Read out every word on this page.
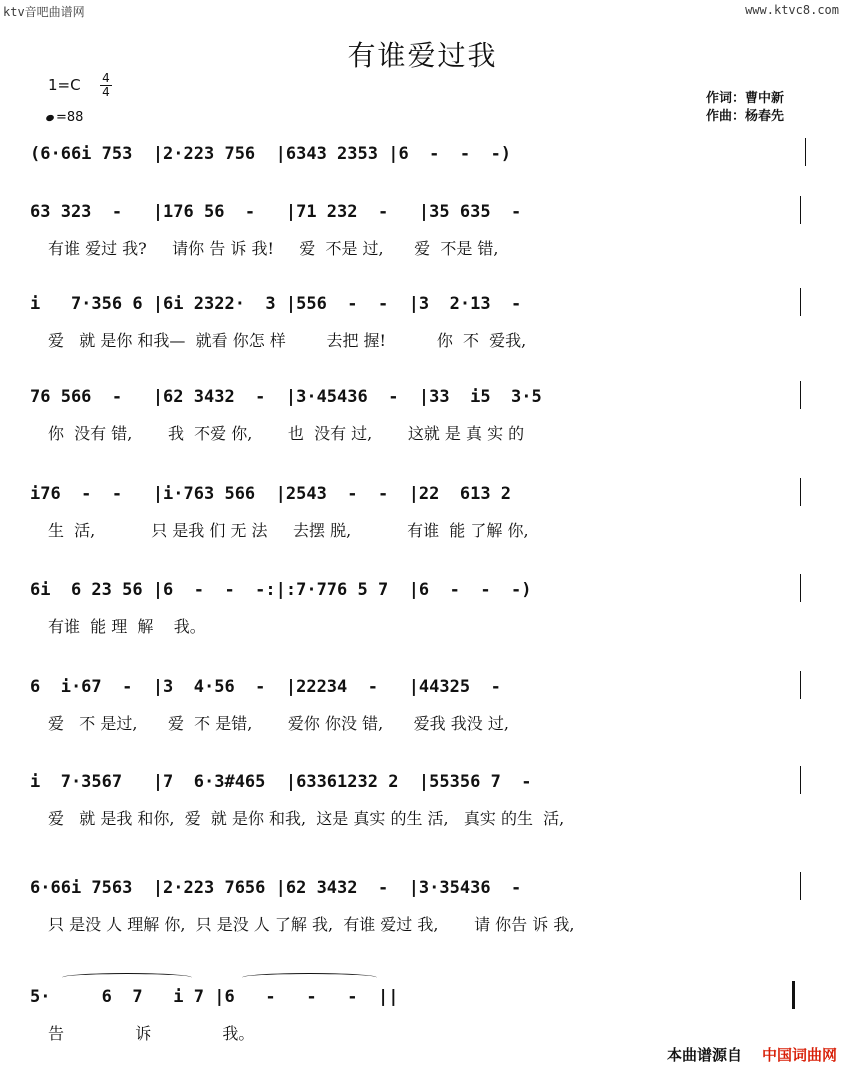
ktv音吧曲谱网	www.ktvc8.com
有谁爱过我
1=C 4
4
=88
作词：曹中新
作曲：杨春先
(6·66i 753  |2·223 756  |6343 2353 |6  -  -  -)
63 323  -   |176 56  -   |71 232  -   |35 635  -
有谁 爱过 我?     请你 告 诉 我!     爱  不是 过,      爱  不是 错,
i   7·356 6 |6i 2322·  3 |556  -  -  |3  2·13  -
爱   就 是你 和我—  就看 你怎 样        去把 握!          你  不  爱我,
76 566  -   |62 3432  -  |3·45436  -  |33  i5  3·5
你  没有 错,       我  不爱 你,       也  没有 过,       这就 是 真 实 的
i76  -  -   |i·763 566  |2543  -  -  |22  613 2
生  活,           只 是我 们 无 法     去摆 脱,           有谁  能 了解 你,
6i  6 23 56 |6  -  -  -:|:7·776 5 7  |6  -  -  -)
有谁  能 理  解    我。
6  i·67  -  |3  4·56  -  |22234  -   |44325  -
爱   不 是过,      爱  不 是错,       爱你 你没 错,      爱我 我没 过,
i  7·3567   |7  6·3#465  |63361232 2  |55356 7  -
爱   就 是我 和你,  爱  就 是你 和我,  这是 真实 的生 活,   真实 的生  活,
6·66i 7563  |2·223 7656 |62 3432  -  |3·35436  -
只 是没 人 理解 你,  只 是没 人 了解 我,  有谁 爱过 我,       请 你告 诉 我,
5·     6  7   i 7 |6   -   -   -  ||
告              诉              我。
本曲谱源自 中国词曲网
